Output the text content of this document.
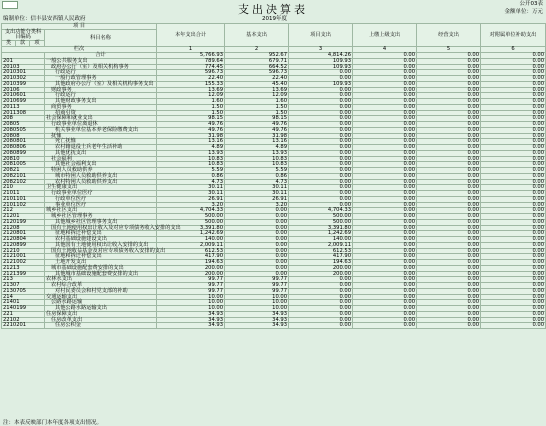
支出决算表	公开03表
金额单位：万元
编制单位：信丰县安西镇人民政府	2019年度
项 目				本年支出合计	基本支出	项目支出	上缴上级支出	经营支出	对附属单位补助支出
支出功能分类科目编码			科目名称						

类	款	项							
栏次				1	2	3	4	5	6
			合计	5,766.93	952.67	4,814.26	0.00	0.00	0.00
201			一般公共服务支出	789.64	679.71	109.93	0.00	0.00	0.00
20103			政府办公厅（室）及相关机构事务	774.45	664.52	109.93	0.00	0.00	0.00
2010301			行政运行	596.73	596.73	0.00	0.00	0.00	0.00
2010302			一般行政管理事务	22.40	22.40	0.00	0.00	0.00	0.00
2010399			其他政府办公厅（室）及相关机构事务支出	155.33	45.40	109.93	0.00	0.00	0.00
20106			财政事务	13.69	13.69	0.00	0.00	0.00	0.00
2010601			行政运行	12.09	12.09	0.00	0.00	0.00	0.00
2010699			其他财政事务支出	1.60	1.60	0.00	0.00	0.00	0.00
20113			商贸事务	1.50	1.50	0.00	0.00	0.00	0.00
2011308			招商引资	1.50	1.50	0.00	0.00	0.00	0.00
208			社会保障和就业支出	98.15	98.15	0.00	0.00	0.00	0.00
20805			行政事业单位离退休	49.76	49.76	0.00	0.00	0.00	0.00
2080505			机关事业单位基本养老保险缴费支出	49.76	49.76	0.00	0.00	0.00	0.00
20808			抚恤	31.98	31.98	0.00	0.00	0.00	0.00
2080801			死亡抚恤	13.16	13.16	0.00	0.00	0.00	0.00
2080806			农村籍退役士兵老年生活补助	4.89	4.89	0.00	0.00	0.00	0.00
2080899			其他优抚支出	13.93	13.93	0.00	0.00	0.00	0.00
20810			社会福利	10.83	10.83	0.00	0.00	0.00	0.00
2081005			其他社会福利支出	10.83	10.83	0.00	0.00	0.00	0.00
20821			特困人员救助供养	5.59	5.59	0.00	0.00	0.00	0.00
2082101			城市特困人员救助供养支出	0.86	0.86	0.00	0.00	0.00	0.00
2082102			农村特困人员救助供养支出	4.73	4.73	0.00	0.00	0.00	0.00
210			卫生健康支出	30.11	30.11	0.00	0.00	0.00	0.00
21011			行政事业单位医疗	30.11	30.11	0.00	0.00	0.00	0.00
2101101			行政单位医疗	26.91	26.91	0.00	0.00	0.00	0.00
2101102			事业单位医疗	3.20	3.20	0.00	0.00	0.00	0.00
212			城乡社区支出	4,704.33	0.00	4,704.33	0.00	0.00	0.00
21201			城乡社区管理事务	500.00	0.00	500.00	0.00	0.00	0.00
2120199			其他城乡社区管理事务支出	500.00	0.00	500.00	0.00	0.00	0.00
21208			国有土地使用权出让收入及对应专项债务收入安排的支出	3,391.80	0.00	3,391.80	0.00	0.00	0.00
2120801			征地和拆迁补偿支出	1,242.69	0.00	1,242.69	0.00	0.00	0.00
2120804			农村基础设施建设支出	140.00	0.00	140.00	0.00	0.00	0.00
2120899			其他国有土地使用权出让收入安排的支出	2,009.11	0.00	2,009.11	0.00	0.00	0.00
21210			国有土地收益基金及对应专项债务收入安排的支出	612.53	0.00	612.53	0.00	0.00	0.00
2121001			征地和拆迁补偿支出	417.90	0.00	417.90	0.00	0.00	0.00
2121002			土地开发支出	194.63	0.00	194.63	0.00	0.00	0.00
21213			城市基础设施配套费安排的支出	200.00	0.00	200.00	0.00	0.00	0.00
2121399			其他城市基础设施配套费安排的支出	200.00	0.00	200.00	0.00	0.00	0.00
213			农林水支出	99.77	99.77	0.00	0.00	0.00	0.00
21307			农村综合改革	99.77	99.77	0.00	0.00	0.00	0.00
2130705			对村民委员会和村党支部的补助	99.77	99.77	0.00	0.00	0.00	0.00
214			交通运输支出	10.00	10.00	0.00	0.00	0.00	0.00
21401			公路水路运输	10.00	10.00	0.00	0.00	0.00	0.00
2140199			其他公路水路运输支出	10.00	10.00	0.00	0.00	0.00	0.00
221			住房保障支出	34.93	34.93	0.00	0.00	0.00	0.00
22102			住房改革支出	34.93	34.93	0.00	0.00	0.00	0.00
2210201			住房公积金	34.93	34.93	0.00	0.00	0.00	0.00
注：本表反映部门本年度各项支出情况。
